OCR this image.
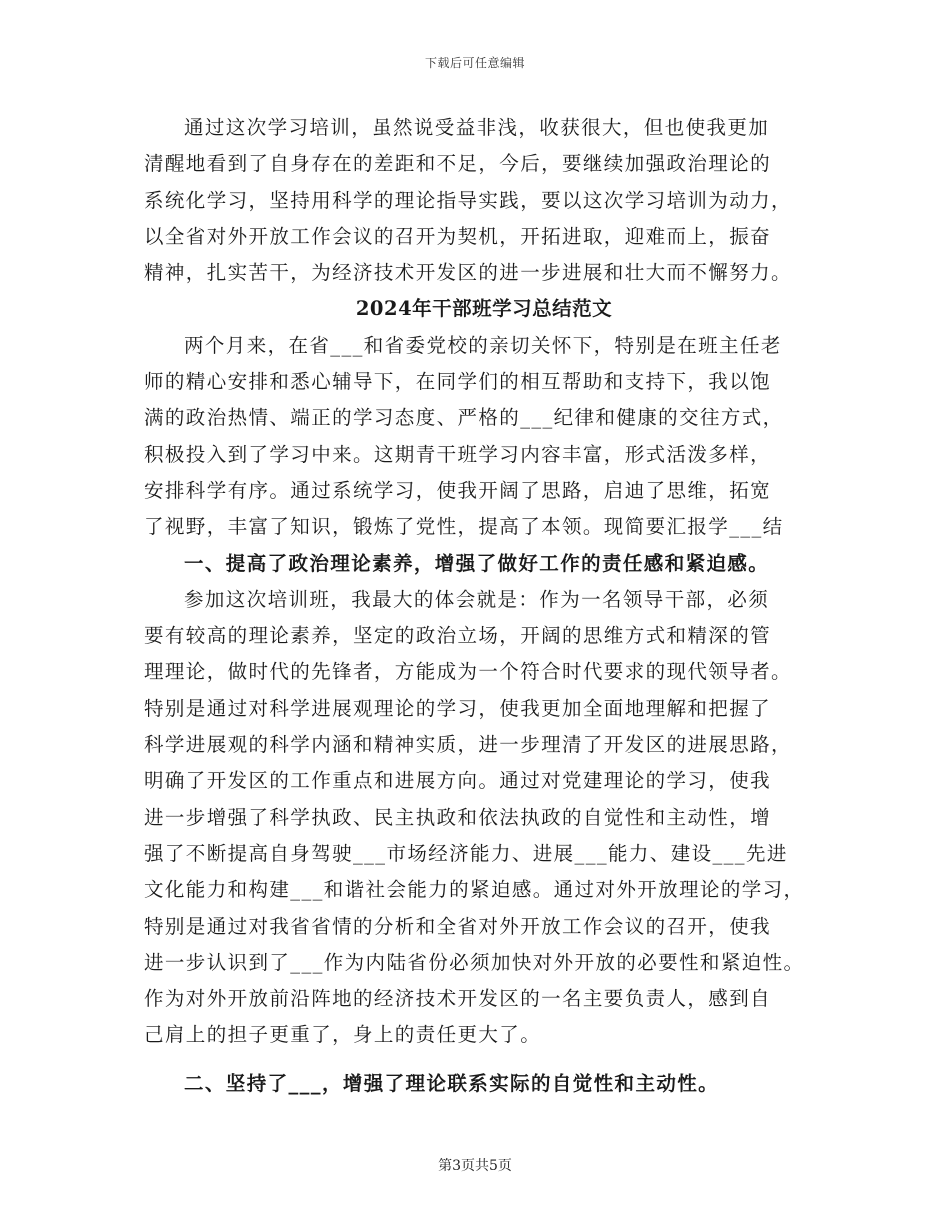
下载后可任意编辑
通过这次学习培训，虽然说受益非浅，收获很大，但也使我更加
清醒地看到了自身存在的差距和不足，今后，要继续加强政治理论的
系统化学习，坚持用科学的理论指导实践，要以这次学习培训为动力，
以全省对外开放工作会议的召开为契机，开拓进取，迎难而上，振奋
精神，扎实苦干，为经济技术开发区的进一步进展和壮大而不懈努力。
2024年干部班学习总结范文
两个月来，在省___和省委党校的亲切关怀下，特别是在班主任老
师的精心安排和悉心辅导下，在同学们的相互帮助和支持下，我以饱
满的政治热情、端正的学习态度、严格的___纪律和健康的交往方式，
积极投入到了学习中来。这期青干班学习内容丰富，形式活泼多样，
安排科学有序。通过系统学习，使我开阔了思路，启迪了思维，拓宽
了视野，丰富了知识，锻炼了党性，提高了本领。现简要汇报学___结
一、提高了政治理论素养，增强了做好工作的责任感和紧迫感。
参加这次培训班，我最大的体会就是：作为一名领导干部，必须
要有较高的理论素养，坚定的政治立场，开阔的思维方式和精深的管
理理论，做时代的先锋者，方能成为一个符合时代要求的现代领导者。
特别是通过对科学进展观理论的学习，使我更加全面地理解和把握了
科学进展观的科学内涵和精神实质，进一步理清了开发区的进展思路，
明确了开发区的工作重点和进展方向。通过对党建理论的学习，使我
进一步增强了科学执政、民主执政和依法执政的自觉性和主动性，增
强了不断提高自身驾驶___市场经济能力、进展___能力、建设___先进
文化能力和构建___和谐社会能力的紧迫感。通过对外开放理论的学习，
特别是通过对我省省情的分析和全省对外开放工作会议的召开，使我
进一步认识到了___作为内陆省份必须加快对外开放的必要性和紧迫性。
作为对外开放前沿阵地的经济技术开发区的一名主要负责人，感到自
己肩上的担子更重了，身上的责任更大了。
二、坚持了___，增强了理论联系实际的自觉性和主动性。
第3页共5页
